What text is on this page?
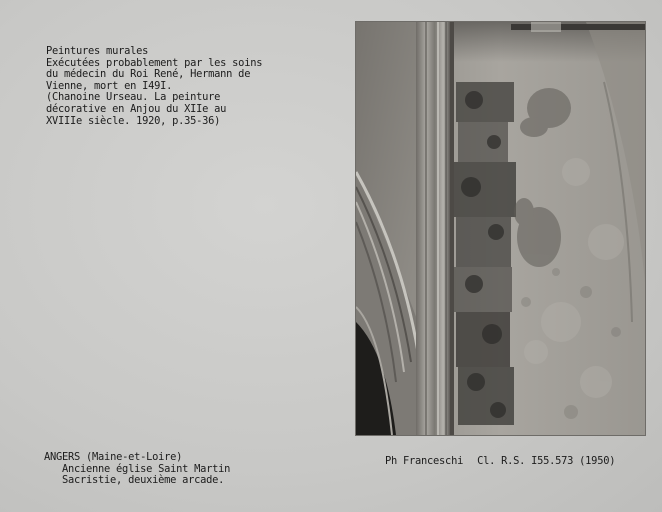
Peintures murales
Exécutées probablement par les soins
du médecin du Roi René, Hermann de
Vienne, mort en I49I.
(Chanoine Urseau. La peinture
décorative en Anjou du XIIe au
XVIIIe siècle. 1920, p.35-36)
ANGERS (Maine-et-Loire)
Ancienne église Saint Martin
Sacristie, deuxième arcade.
Ph Franceschi Cl. R.S. I55.573 (1950)
